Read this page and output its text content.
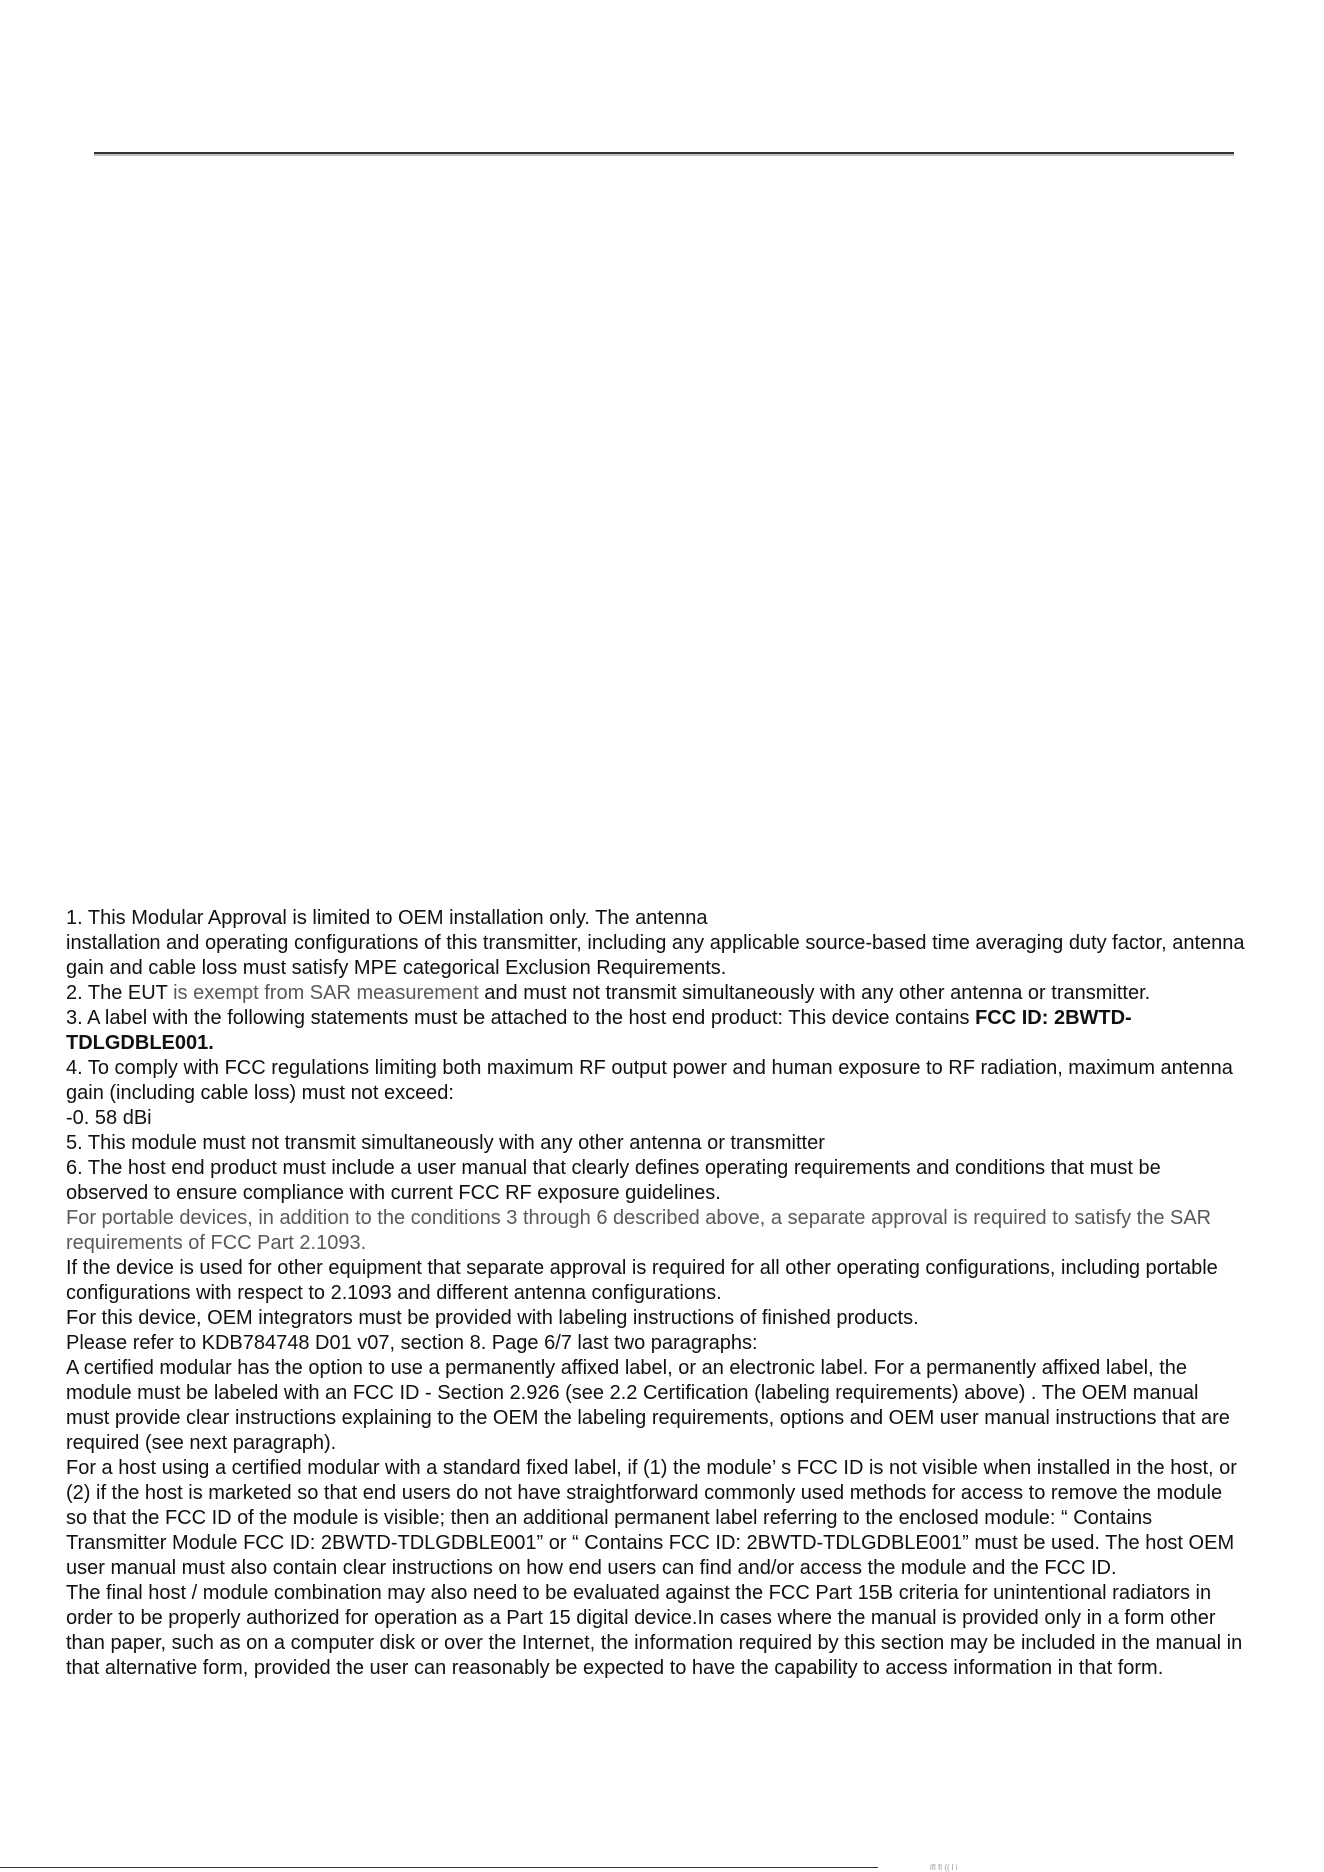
1. This Modular Approval is limited to OEM installation only. The antenna

installation and operating configurations of this transmitter, including any applicable source-based time averaging duty factor, antenna gain and cable loss must satisfy MPE categorical Exclusion Requirements.

2. The EUT is exempt from SAR measurement and must not transmit simultaneously with any other antenna or transmitter.

3. A label with the following statements must be attached to the host end product: This device contains FCC ID: 2BWTD-TDLGDBLE001.

4. To comply with FCC regulations limiting both maximum RF output power and human exposure to RF radiation, maximum antenna gain (including cable loss) must not exceed:

-0. 58 dBi

5. This module must not transmit simultaneously with any other antenna or transmitter

6. The host end product must include a user manual that clearly defines operating requirements and conditions that must be observed to ensure compliance with current FCC RF exposure guidelines.

For portable devices, in addition to the conditions 3 through 6 described above, a separate approval is required to satisfy the SAR requirements of FCC Part 2.1093.

If the device is used for other equipment that separate approval is required for all other operating configurations, including portable configurations with respect to 2.1093 and different antenna configurations.

For this device, OEM integrators must be provided with labeling instructions of finished products.

Please refer to KDB784748 D01 v07, section 8. Page 6/7 last two paragraphs:

A certified modular has the option to use a permanently affixed label, or an electronic label. For a permanently affixed label, the module must be labeled with an FCC ID - Section 2.926 (see 2.2 Certification (labeling requirements) above) . The OEM manual must provide clear instructions explaining to the OEM the labeling requirements, options and OEM user manual instructions that are required (see next paragraph).

For a host using a certified modular with a standard fixed label, if (1) the module’ s FCC ID is not visible when installed in the host, or (2) if the host is marketed so that end users do not have straightforward commonly used methods for access to remove the module so that the FCC ID of the module is visible; then an additional permanent label referring to the enclosed module: “ Contains Transmitter Module FCC ID: 2BWTD-TDLGDBLE001” or “ Contains FCC ID: 2BWTD-TDLGDBLE001” must be used. The host OEM user manual must also contain clear instructions on how end users can find and/or access the module and the FCC ID.

The final host / module combination may also need to be evaluated against the FCC Part 15B criteria for unintentional radiators in order to be properly authorized for operation as a Part 15 digital device.In cases where the manual is provided only in a form other than paper, such as on a computer disk or over the Internet, the information required by this section may be included in the manual in that alternative form, provided the user can reasonably be expected to have the capability to access information in that form.

ifl fi (( l i
